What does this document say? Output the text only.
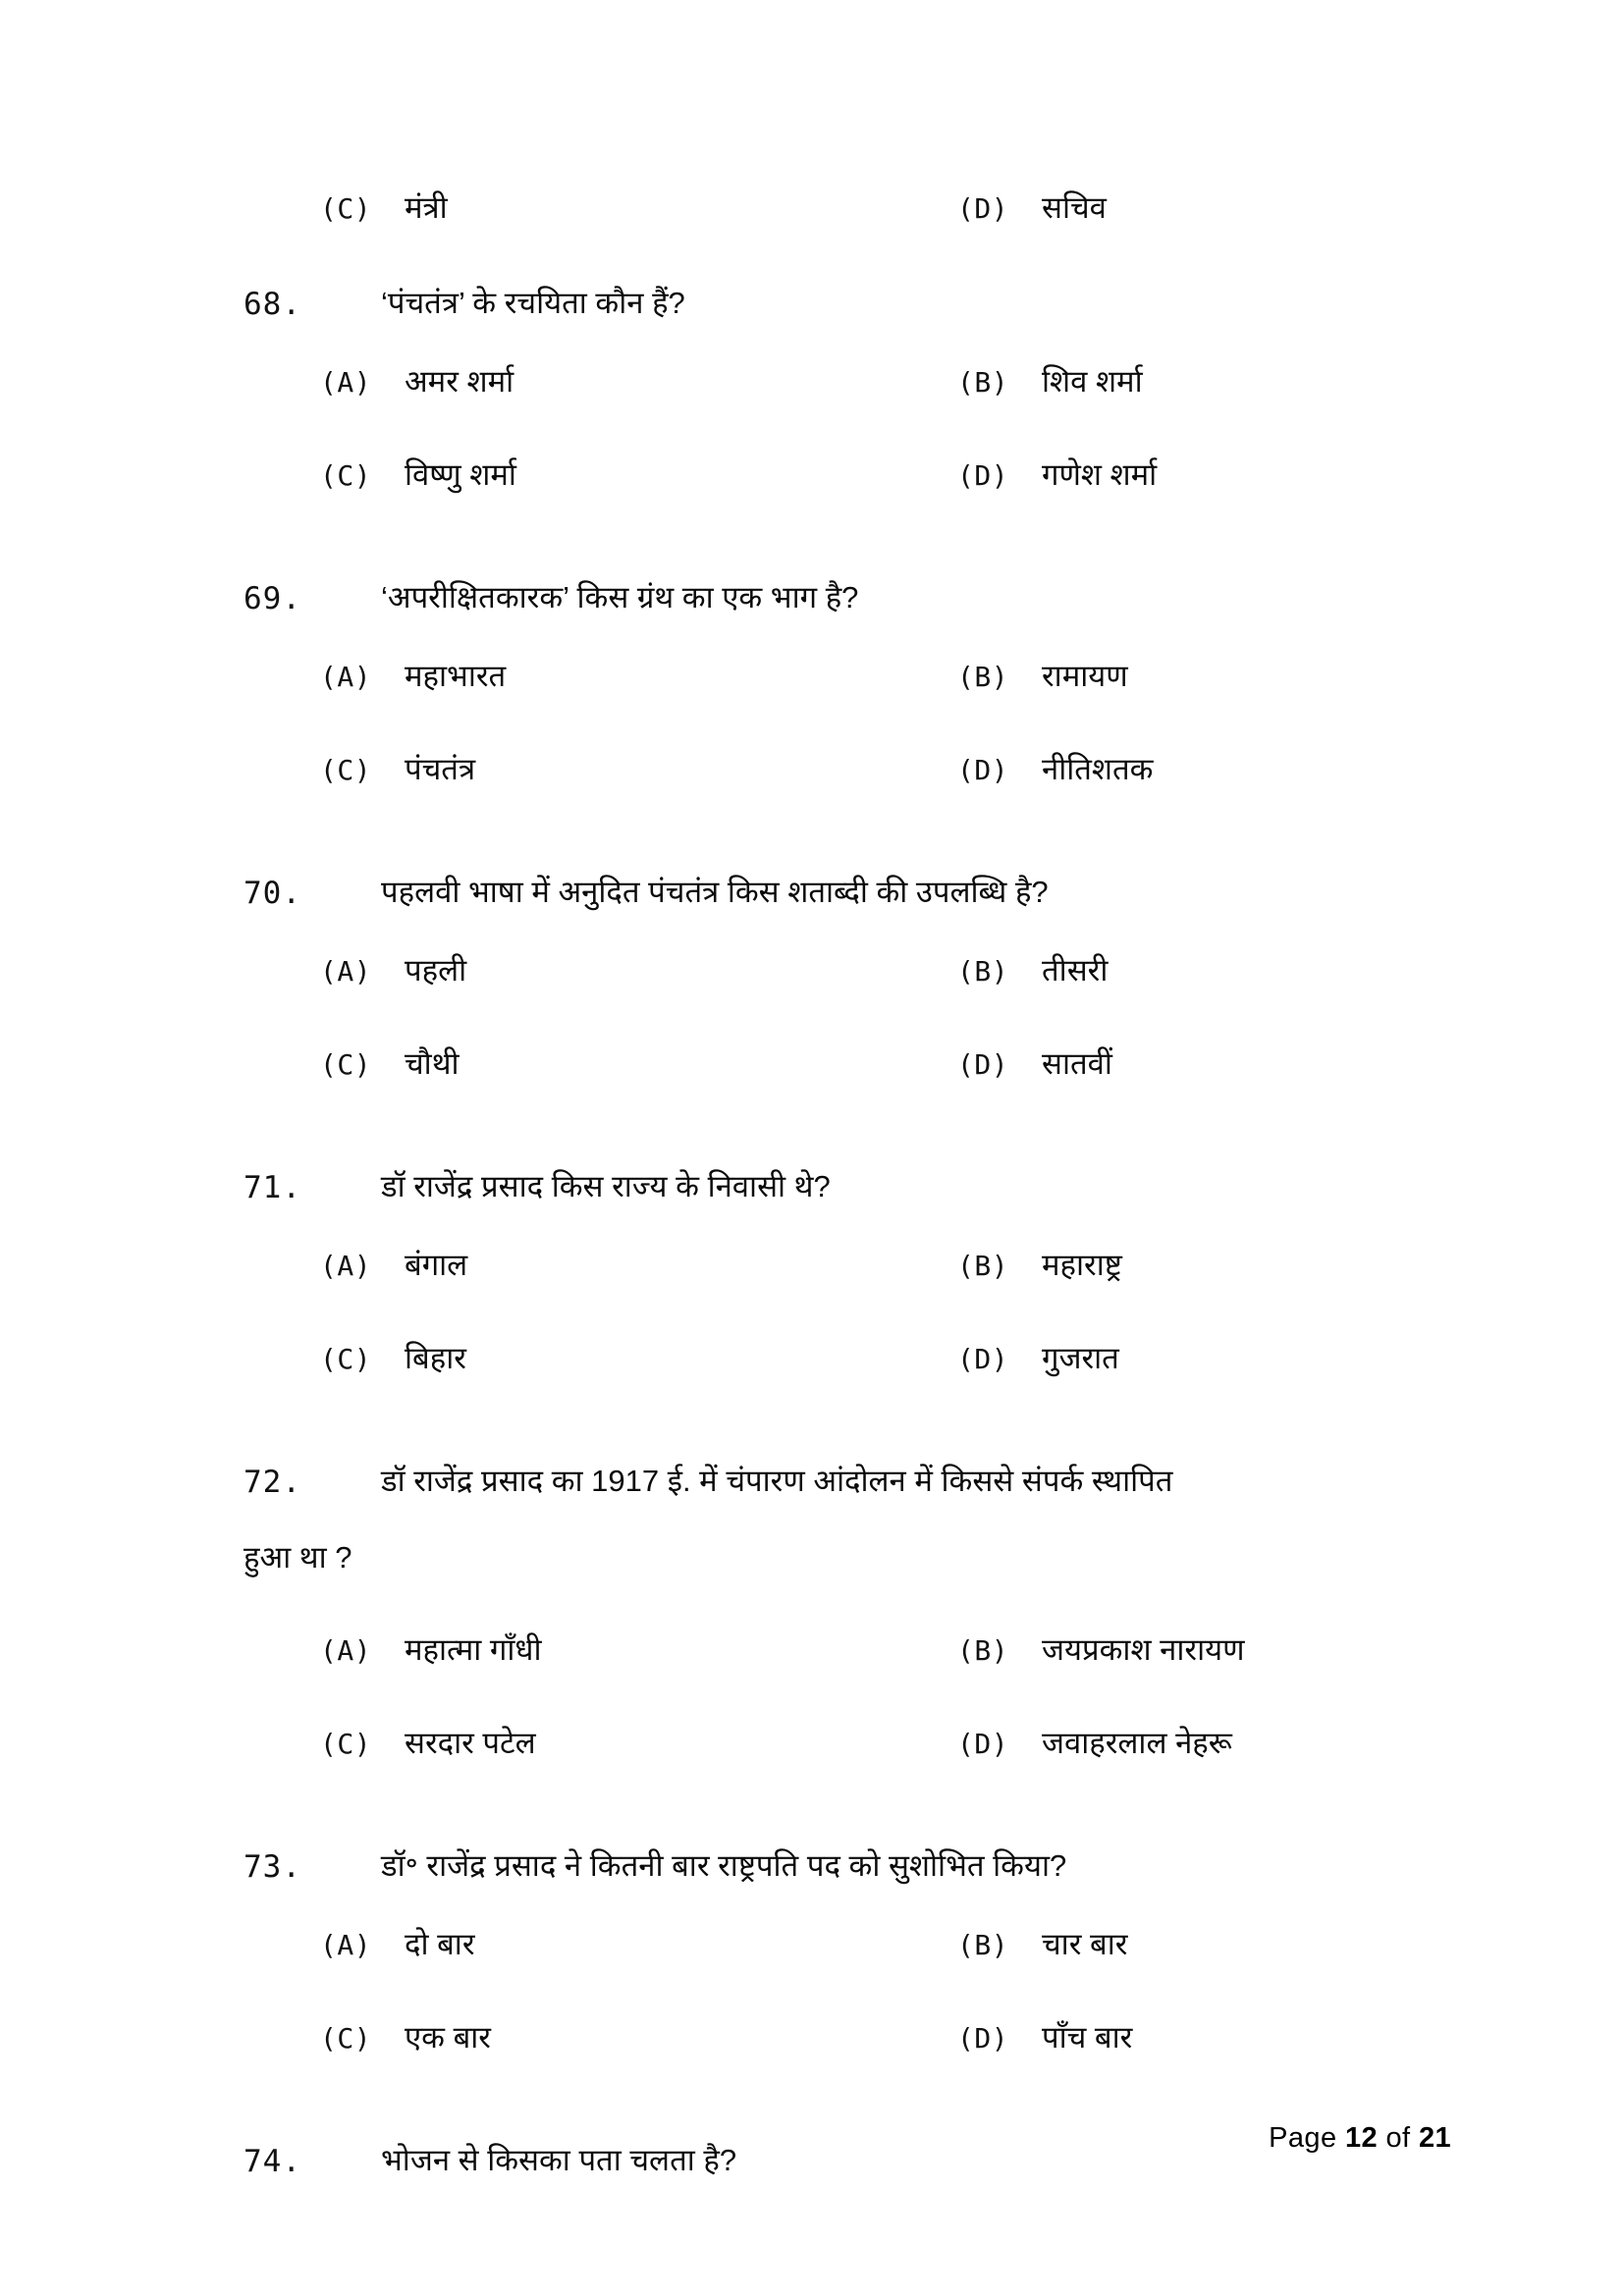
(C)	मंत्री	(D)	सचिव
68.	‘पंचतंत्र’ के रचयिता कौन हैं?
(A)	अमर शर्मा	(B)	शिव शर्मा
(C)	विष्णु शर्मा	(D)	गणेश शर्मा
69.	‘अपरीक्षितकारक’ किस ग्रंथ का एक भाग है?
(A)	महाभारत	(B)	रामायण
(C)	पंचतंत्र	(D)	नीतिशतक
70.	पहलवी भाषा में अनुदित पंचतंत्र किस शताब्दी की उपलब्धि है?
(A)	पहली	(B)	तीसरी
(C)	चौथी	(D)	सातवीं
71.	डॉ राजेंद्र प्रसाद किस राज्य के निवासी थे?
(A)	बंगाल	(B)	महाराष्ट्र
(C)	बिहार	(D)	गुजरात
72.	डॉ राजेंद्र प्रसाद का 1917 ई. में चंपारण आंदोलन में किससे संपर्क स्थापित
हुआ था ?
(A)	महात्मा गाँधी	(B)	जयप्रकाश नारायण
(C)	सरदार पटेल	(D)	जवाहरलाल नेहरू
73.	डॉ॰ राजेंद्र प्रसाद ने कितनी बार राष्ट्रपति पद को सुशोभित किया?
(A)	दो बार	(B)	चार बार
(C)	एक बार	(D)	पाँच बार
74.	भोजन से किसका पता चलता है?
Page 12 of 21
